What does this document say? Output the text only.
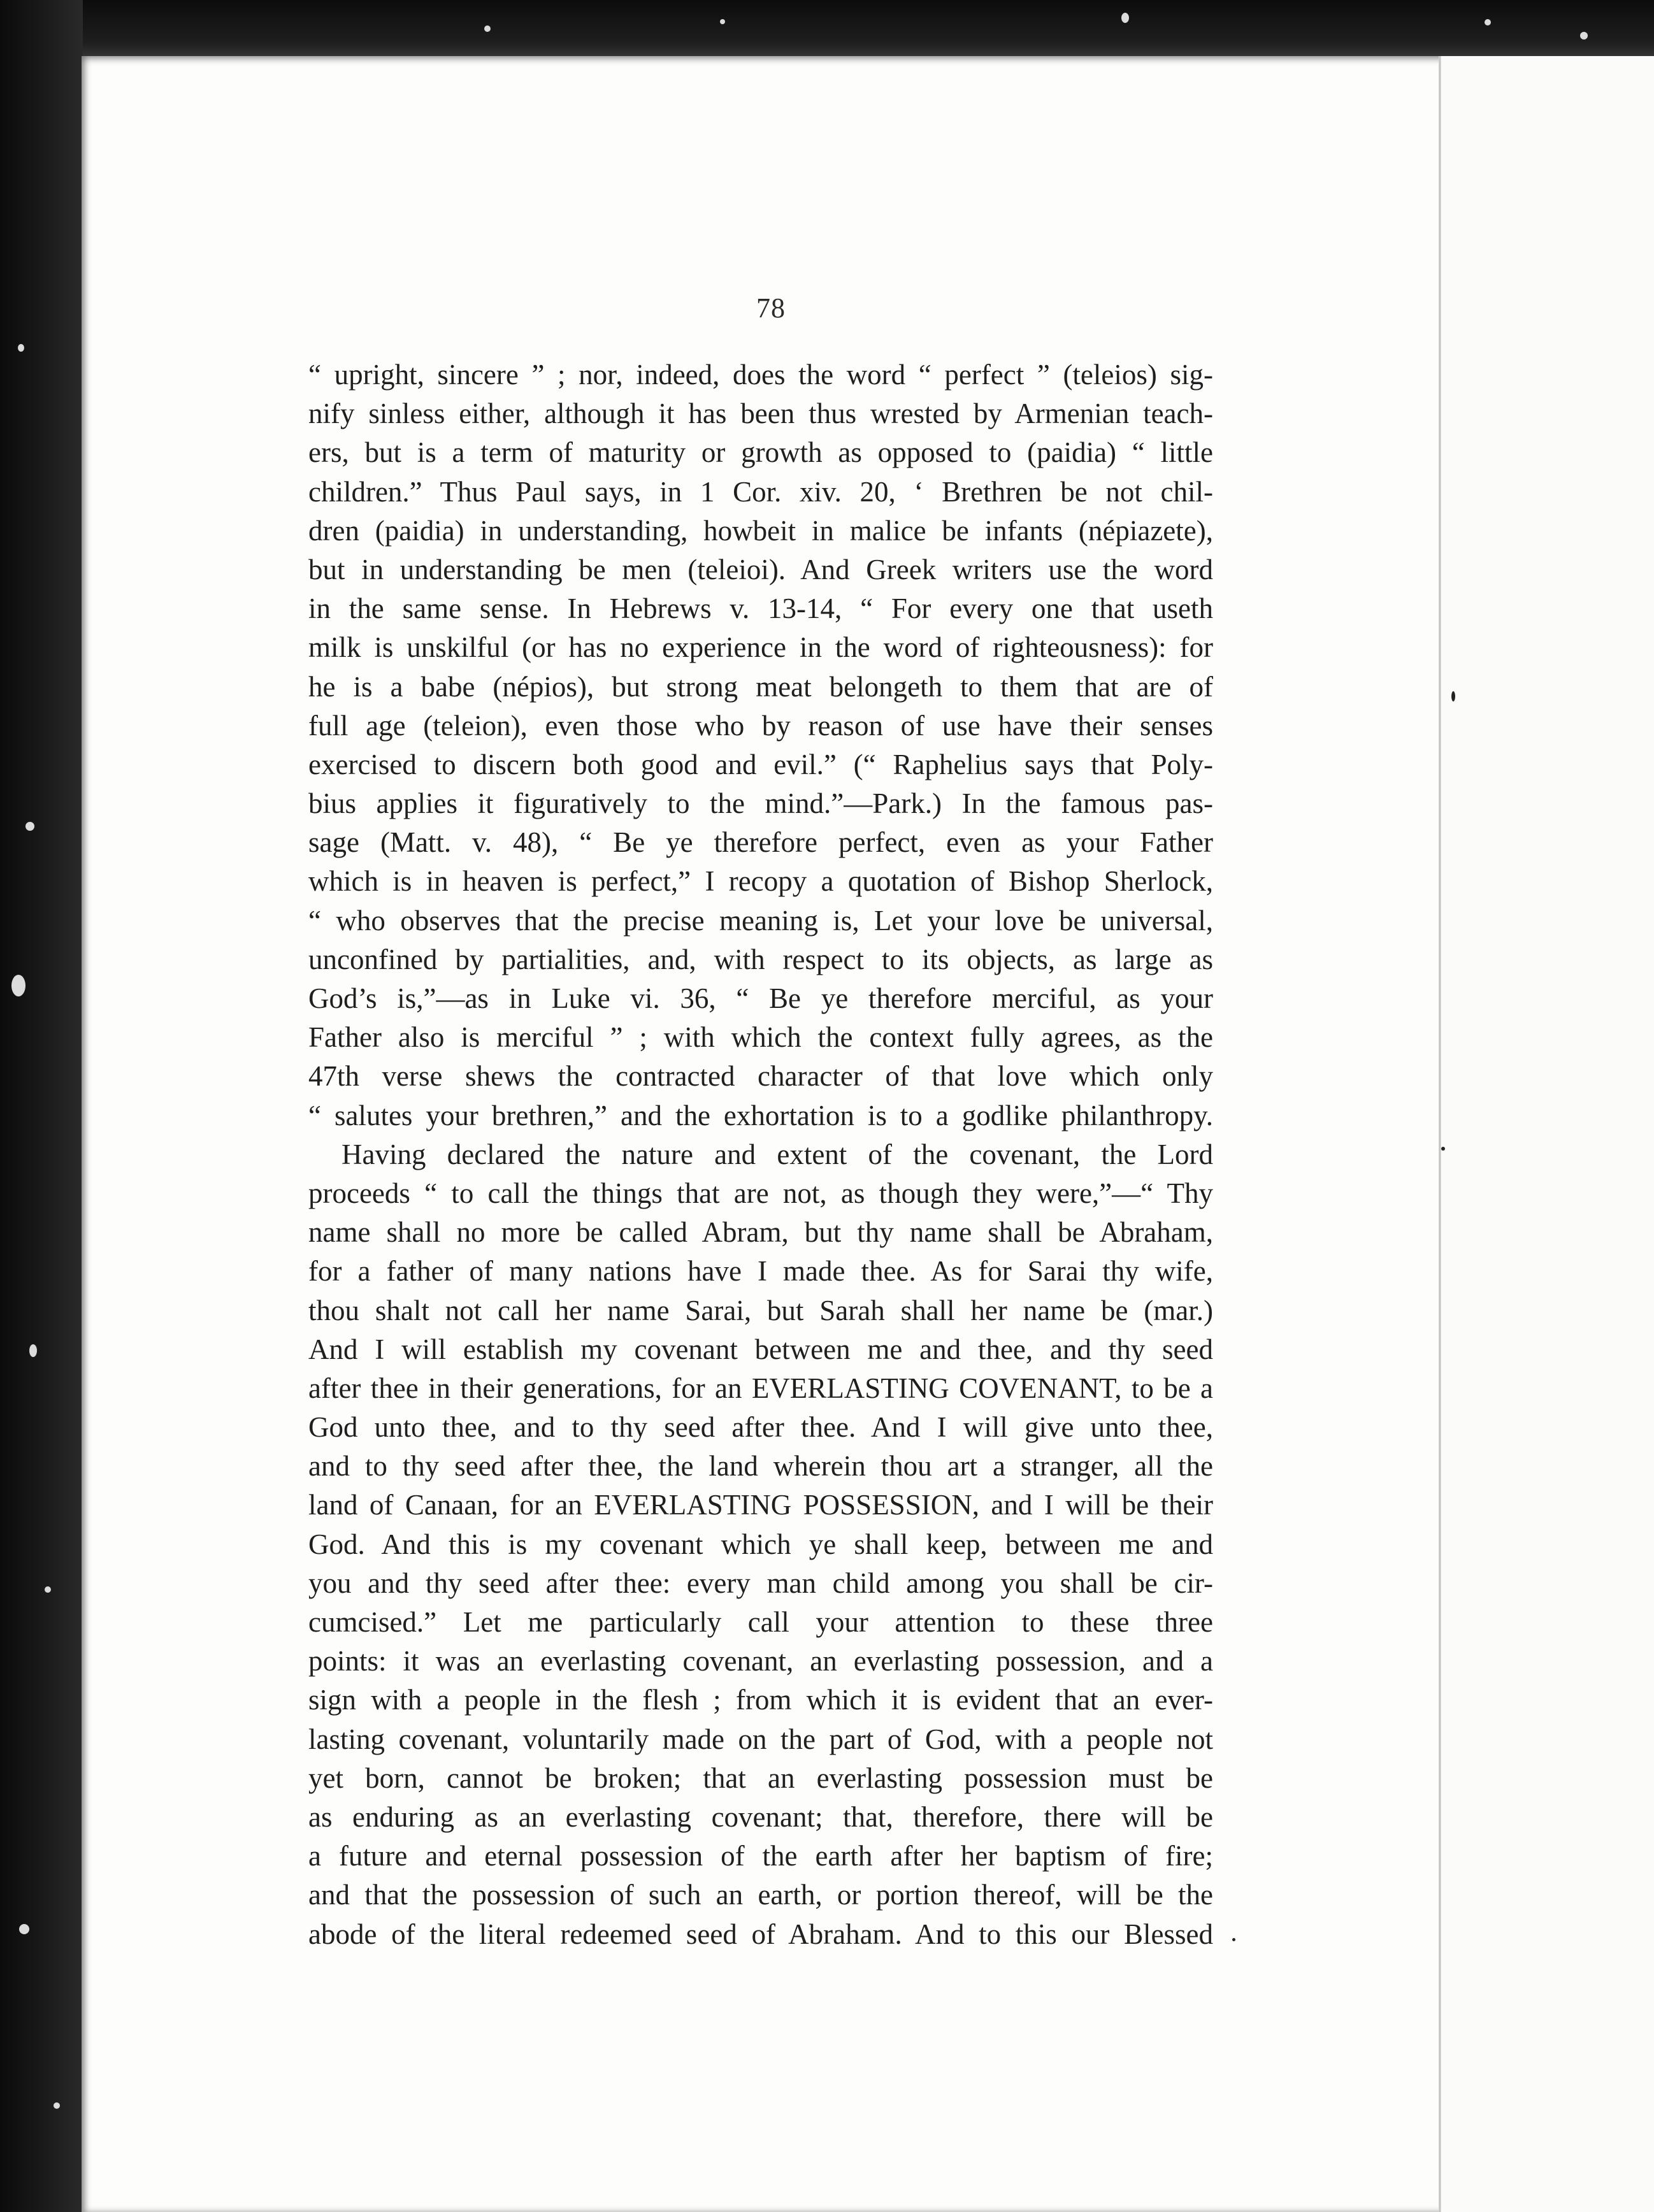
78
“ upright, sincere ” ; nor, indeed, does the word “ perfect ” (teleios) sig-
nify sinless either, although it has been thus wrested by Armenian teach-
ers, but is a term of maturity or growth as opposed to (paidia) “ little
children.” Thus Paul says, in 1 Cor. xiv. 20, ‘ Brethren be not chil-
dren (paidia) in understanding, howbeit in malice be infants (népiazete),
but in understanding be men (teleioi). And Greek writers use the word
in the same sense. In Hebrews v. 13-14, “ For every one that useth
milk is unskilful (or has no experience in the word of righteousness): for
he is a babe (népios), but strong meat belongeth to them that are of
full age (teleion), even those who by reason of use have their senses
exercised to discern both good and evil.” (“ Raphelius says that Poly-
bius applies it figuratively to the mind.”—Park.) In the famous pas-
sage (Matt. v. 48), “ Be ye therefore perfect, even as your Father
which is in heaven is perfect,” I recopy a quotation of Bishop Sherlock,
“ who observes that the precise meaning is, Let your love be universal,
unconfined by partialities, and, with respect to its objects, as large as
God’s is,”—as in Luke vi. 36, “ Be ye therefore merciful, as your
Father also is merciful ” ; with which the context fully agrees, as the
47th verse shews the contracted character of that love which only
“ salutes your brethren,” and the exhortation is to a godlike philanthropy.
Having declared the nature and extent of the covenant, the Lord
proceeds “ to call the things that are not, as though they were,”—“ Thy
name shall no more be called Abram, but thy name shall be Abraham,
for a father of many nations have I made thee. As for Sarai thy wife,
thou shalt not call her name Sarai, but Sarah shall her name be (mar.)
And I will establish my covenant between me and thee, and thy seed
after thee in their generations, for an EVERLASTING COVENANT, to be a
God unto thee, and to thy seed after thee. And I will give unto thee,
and to thy seed after thee, the land wherein thou art a stranger, all the
land of Canaan, for an EVERLASTING POSSESSION, and I will be their
God. And this is my covenant which ye shall keep, between me and
you and thy seed after thee: every man child among you shall be cir-
cumcised.” Let me particularly call your attention to these three
points: it was an everlasting covenant, an everlasting possession, and a
sign with a people in the flesh ; from which it is evident that an ever-
lasting covenant, voluntarily made on the part of God, with a people not
yet born, cannot be broken; that an everlasting possession must be
as enduring as an everlasting covenant; that, therefore, there will be
a future and eternal possession of the earth after her baptism of fire;
and that the possession of such an earth, or portion thereof, will be the
abode of the literal redeemed seed of Abraham. And to this our Blessed
